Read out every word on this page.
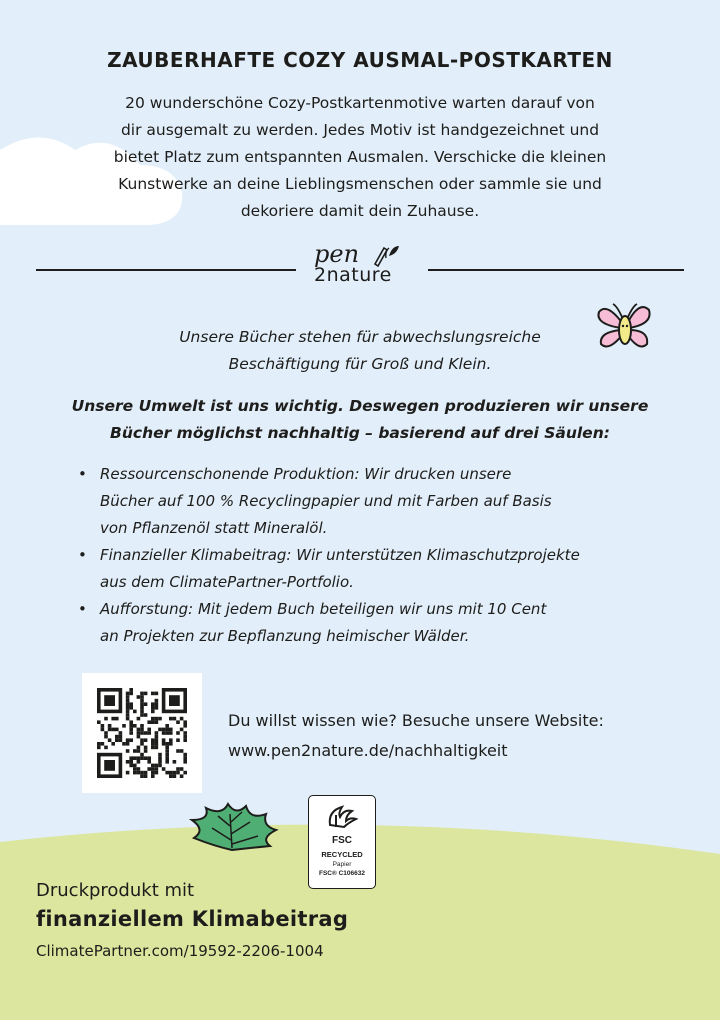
ZAUBERHAFTE COZY AUSMAL-POSTKARTEN
20 wunderschöne Cozy-Postkartenmotive warten darauf von
dir ausgemalt zu werden. Jedes Motiv ist handgezeichnet und
bietet Platz zum entspannten Ausmalen. Verschicke die kleinen
Kunstwerke an deine Lieblingsmenschen oder sammle sie und
dekoriere damit dein Zuhause.
pen
2nature
Unsere Bücher stehen für abwechslungsreiche
Beschäftigung für Groß und Klein.
Unsere Umwelt ist uns wichtig. Deswegen produzieren wir unsere
Bücher möglichst nachhaltig – basierend auf drei Säulen:
• Ressourcenschonende Produktion: Wir drucken unsere
Bücher auf 100 % Recyclingpapier und mit Farben auf Basis
von Pflanzenöl statt Mineralöl.
• Finanzieller Klimabeitrag: Wir unterstützen Klimaschutzprojekte
aus dem ClimatePartner-Portfolio.
• Aufforstung: Mit jedem Buch beteiligen wir uns mit 10 Cent
an Projekten zur Bepflanzung heimischer Wälder.
Du willst wissen wie? Besuche unsere Website:
www.pen2nature.de/nachhaltigkeit
FSC
RECYCLED
Papier
FSC® C106632
Druckprodukt mit
finanziellem Klimabeitrag
ClimatePartner.com/19592-2206-1004
